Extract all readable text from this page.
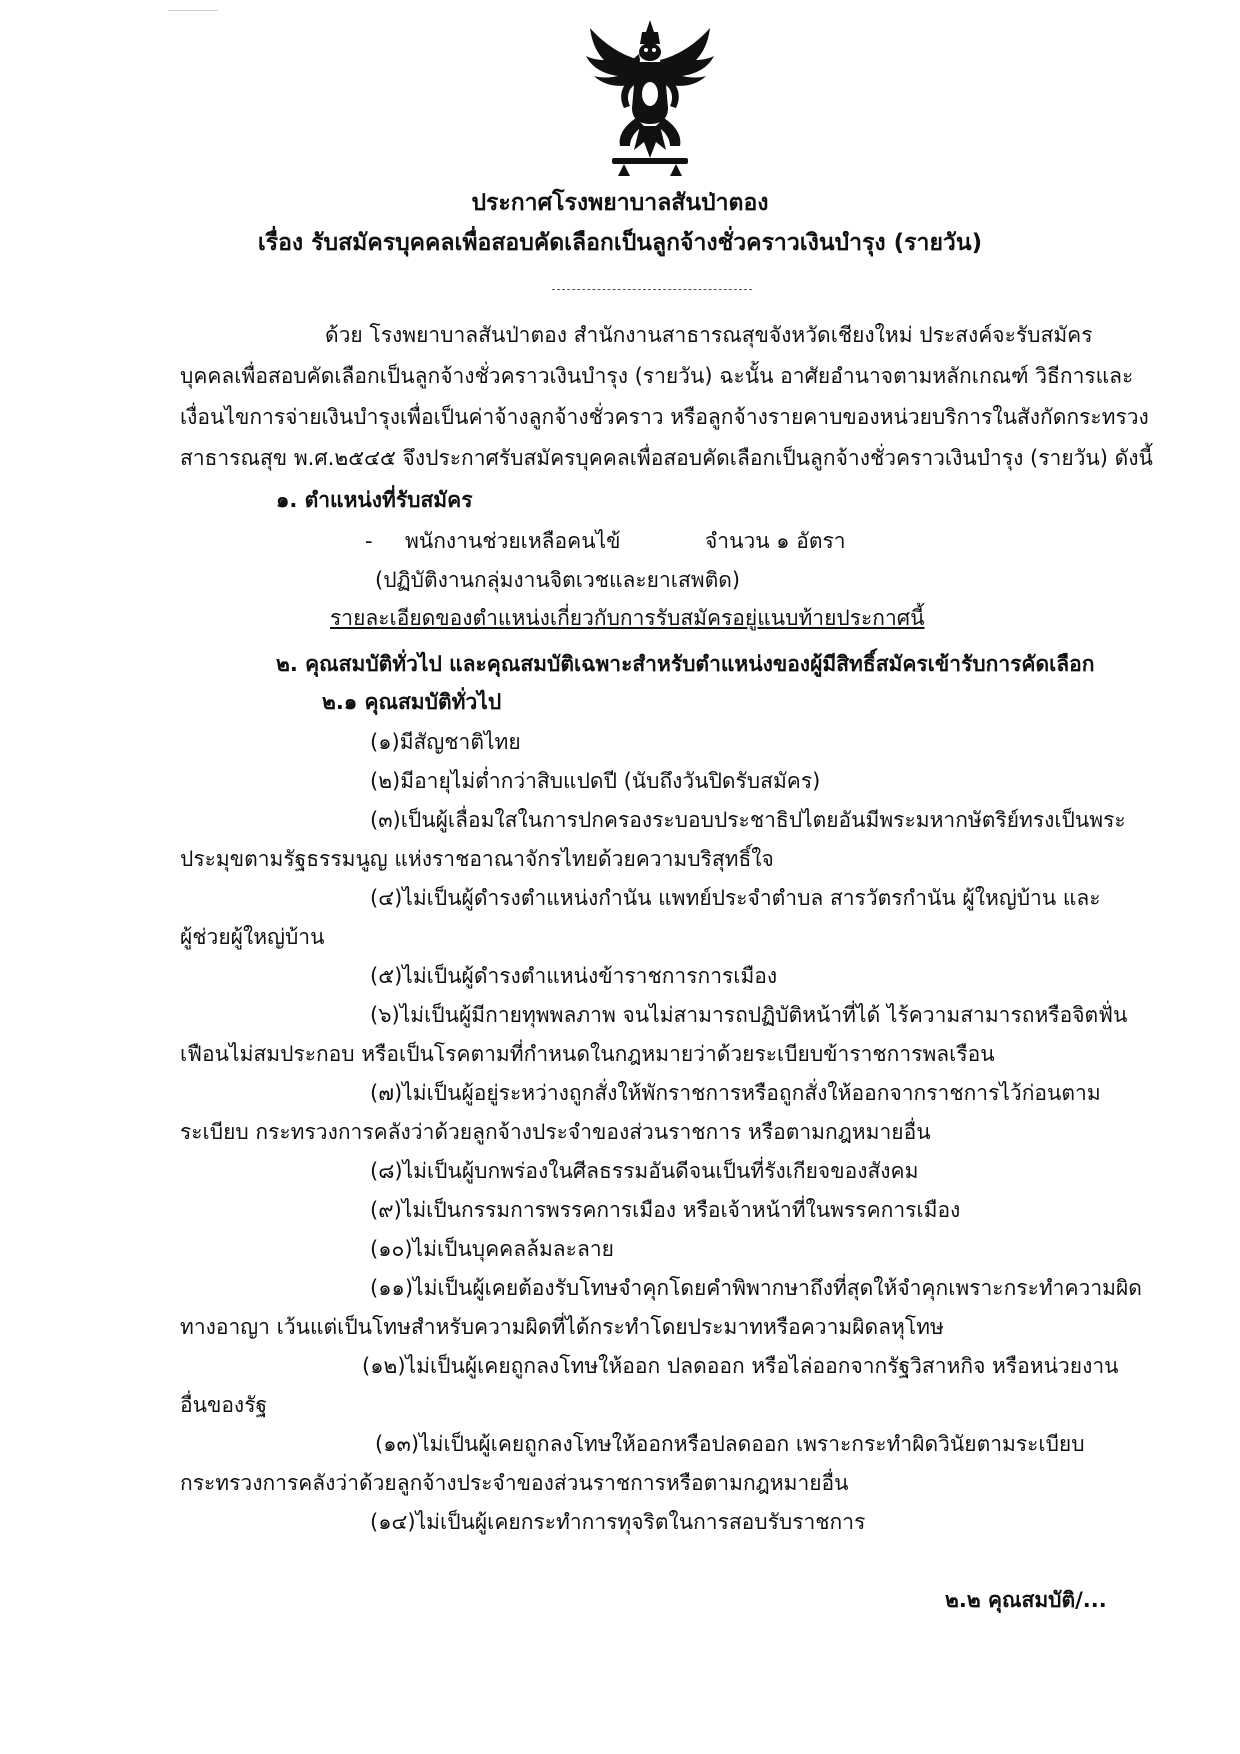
ประกาศโรงพยาบาลสันป่าตอง
เรื่อง รับสมัครบุคคลเพื่อสอบคัดเลือกเป็นลูกจ้างชั่วคราวเงินบำรุง (รายวัน)
ด้วย โรงพยาบาลสันป่าตอง สำนักงานสาธารณสุขจังหวัดเชียงใหม่ ประสงค์จะรับสมัคร
บุคคลเพื่อสอบคัดเลือกเป็นลูกจ้างชั่วคราวเงินบำรุง (รายวัน) ฉะนั้น อาศัยอำนาจตามหลักเกณฑ์ วิธีการและ
เงื่อนไขการจ่ายเงินบำรุงเพื่อเป็นค่าจ้างลูกจ้างชั่วคราว หรือลูกจ้างรายคาบของหน่วยบริการในสังกัดกระทรวง
สาธารณสุข พ.ศ.๒๕๔๕ จึงประกาศรับสมัครบุคคลเพื่อสอบคัดเลือกเป็นลูกจ้างชั่วคราวเงินบำรุง (รายวัน) ดังนี้
๑. ตำแหน่งที่รับสมัคร
- พนักงานช่วยเหลือคนไข้	จำนวน ๑ อัตรา
(ปฏิบัติงานกลุ่มงานจิตเวชและยาเสพติด)
รายละเอียดของตำแหน่งเกี่ยวกับการรับสมัครอยู่แนบท้ายประกาศนี้
๒. คุณสมบัติทั่วไป และคุณสมบัติเฉพาะสำหรับตำแหน่งของผู้มีสิทธิ์สมัครเข้ารับการคัดเลือก
๒.๑ คุณสมบัติทั่วไป
(๑)มีสัญชาติไทย
(๒)มีอายุไม่ต่ำกว่าสิบแปดปี (นับถึงวันปิดรับสมัคร)
(๓)เป็นผู้เลื่อมใสในการปกครองระบอบประชาธิปไตยอันมีพระมหากษัตริย์ทรงเป็นพระ
ประมุขตามรัฐธรรมนูญ แห่งราชอาณาจักรไทยด้วยความบริสุทธิ์ใจ
(๔)ไม่เป็นผู้ดำรงตำแหน่งกำนัน แพทย์ประจำตำบล สารวัตรกำนัน ผู้ใหญ่บ้าน และ
ผู้ช่วยผู้ใหญ่บ้าน
(๕)ไม่เป็นผู้ดำรงตำแหน่งข้าราชการการเมือง
(๖)ไม่เป็นผู้มีกายทุพพลภาพ จนไม่สามารถปฏิบัติหน้าที่ได้ ไร้ความสามารถหรือจิตฟั่น
เฟือนไม่สมประกอบ หรือเป็นโรคตามที่กำหนดในกฎหมายว่าด้วยระเบียบข้าราชการพลเรือน
(๗)ไม่เป็นผู้อยู่ระหว่างถูกสั่งให้พักราชการหรือถูกสั่งให้ออกจากราชการไว้ก่อนตาม
ระเบียบ กระทรวงการคลังว่าด้วยลูกจ้างประจำของส่วนราชการ หรือตามกฎหมายอื่น
(๘)ไม่เป็นผู้บกพร่องในศีลธรรมอันดีจนเป็นที่รังเกียจของสังคม
(๙)ไม่เป็นกรรมการพรรคการเมือง หรือเจ้าหน้าที่ในพรรคการเมือง
(๑๐)ไม่เป็นบุคคลล้มละลาย
(๑๑)ไม่เป็นผู้เคยต้องรับโทษจำคุกโดยคำพิพากษาถึงที่สุดให้จำคุกเพราะกระทำความผิด
ทางอาญา เว้นแต่เป็นโทษสำหรับความผิดที่ได้กระทำโดยประมาทหรือความผิดลหุโทษ
(๑๒)ไม่เป็นผู้เคยถูกลงโทษให้ออก ปลดออก หรือไล่ออกจากรัฐวิสาหกิจ หรือหน่วยงาน
อื่นของรัฐ
(๑๓)ไม่เป็นผู้เคยถูกลงโทษให้ออกหรือปลดออก เพราะกระทำผิดวินัยตามระเบียบ
กระทรวงการคลังว่าด้วยลูกจ้างประจำของส่วนราชการหรือตามกฎหมายอื่น
(๑๔)ไม่เป็นผู้เคยกระทำการทุจริตในการสอบรับราชการ
๒.๒ คุณสมบัติ/...
